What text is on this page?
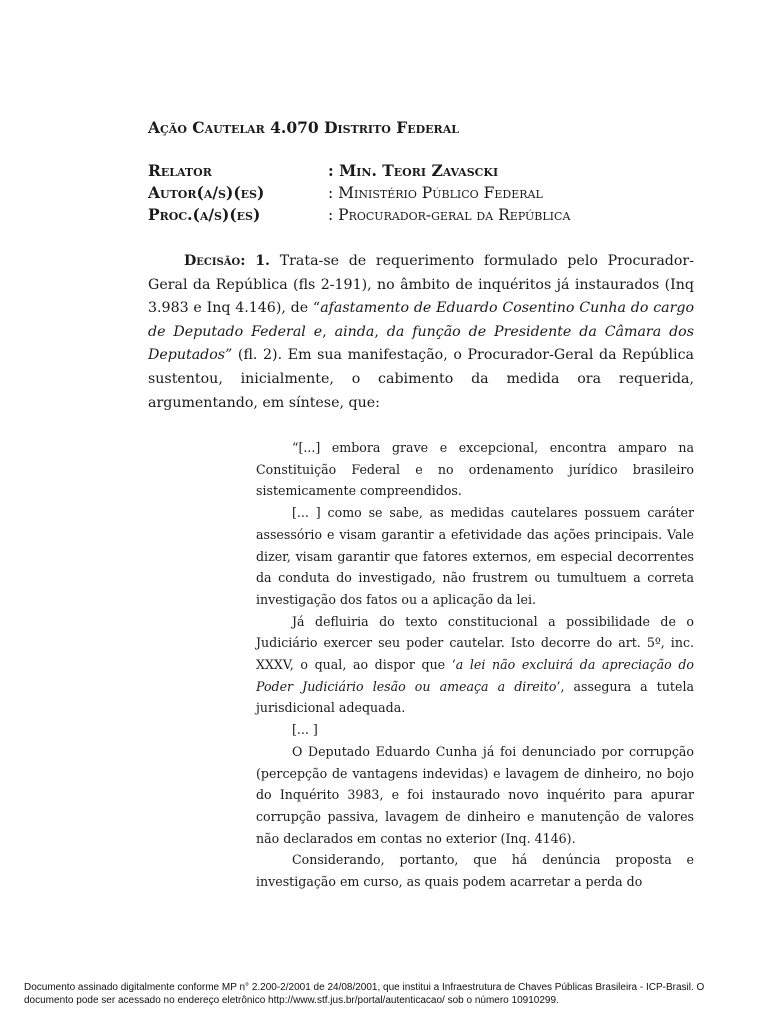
Ação Cautelar 4.070 Distrito Federal
Relator	: Min. Teori Zavascki
Autor(a/s)(es)	: Ministério Público Federal
Proc.(a/s)(es)	: Procurador-geral da República

Decisão: 1. Trata-se de requerimento formulado pelo Procurador-Geral da República (fls 2-191), no âmbito de inquéritos já instaurados (Inq 3.983 e Inq 4.146), de “afastamento de Eduardo Cosentino Cunha do cargo de Deputado Federal e, ainda, da função de Presidente da Câmara dos Deputados” (fl. 2). Em sua manifestação, o Procurador-Geral da República sustentou, inicialmente, o cabimento da medida ora requerida, argumentando, em síntese, que:

“[...] embora grave e excepcional, encontra amparo na Constituição Federal e no ordenamento jurídico brasileiro sistemicamente compreendidos.

[... ] como se sabe, as medidas cautelares possuem caráter assessório e visam garantir a efetividade das ações principais. Vale dizer, visam garantir que fatores externos, em especial decorrentes da conduta do investigado, não frustrem ou tumultuem a correta investigação dos fatos ou a aplicação da lei.

Já defluiria do texto constitucional a possibilidade de o Judiciário exercer seu poder cautelar. Isto decorre do art. 5º, inc. XXXV, o qual, ao dispor que ‘a lei não excluirá da apreciação do Poder Judiciário lesão ou ameaça a direito’, assegura a tutela jurisdicional adequada.

[... ]

O Deputado Eduardo Cunha já foi denunciado por corrupção (percepção de vantagens indevidas) e lavagem de dinheiro, no bojo do Inquérito 3983, e foi instaurado novo inquérito para apurar corrupção passiva, lavagem de dinheiro e manutenção de valores não declarados em contas no exterior (Inq. 4146).

Considerando, portanto, que há denúncia proposta e investigação em curso, as quais podem acarretar a perda do

Documento assinado digitalmente conforme MP n° 2.200-2/2001 de 24/08/2001, que institui a Infraestrutura de Chaves Públicas Brasileira - ICP-Brasil. O documento pode ser acessado no endereço eletrônico http://www.stf.jus.br/portal/autenticacao/ sob o número 10910299.
